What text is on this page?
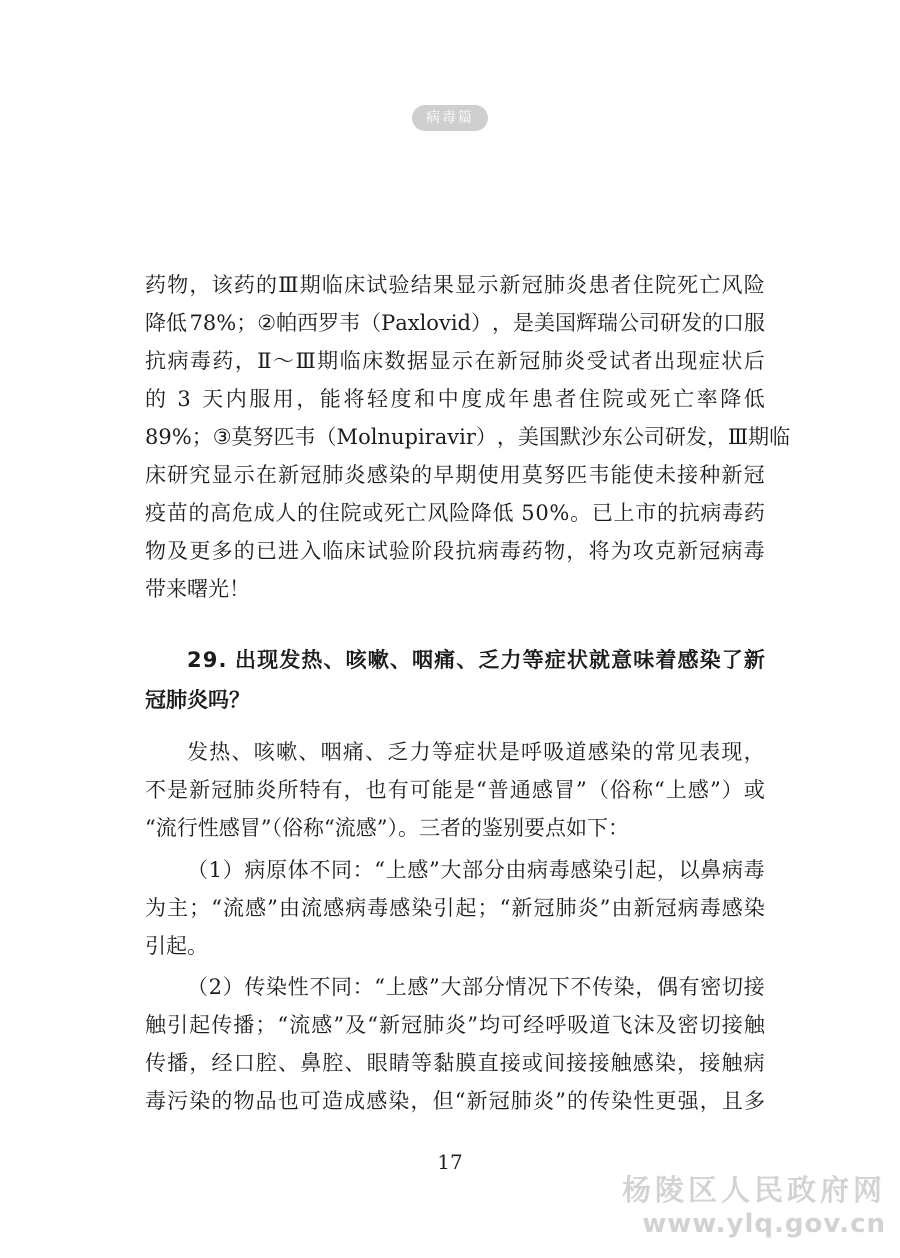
病毒篇
药 物 ， 该 药 的 Ⅲ 期 临 床 试 验 结 果 显 示 新 冠 肺 炎 患 者 住 院 死 亡 风 险
降 低 7 8 % ； ② 帕 西 罗 韦 （ P a x l o v i d ） ， 是 美 国 辉 瑞 公 司 研 发 的 口 服
抗 病 毒 药 ， Ⅱ ～ Ⅲ 期 临 床 数 据 显 示 在 新 冠 肺 炎 受 试 者 出 现 症 状 后
的 3 天 内 服 用 ， 能 将 轻 度 和 中 度 成 年 患 者 住 院 或 死 亡 率 降 低
8 9 % ； ③ 莫 努 匹 韦 （ M o l n u p i r a v i r ） ， 美 国 默 沙 东 公 司 研 发 ， Ⅲ 期 临
床 研 究 显 示 在 新 冠 肺 炎 感 染 的 早 期 使 用 莫 努 匹 韦 能 使 未 接 种 新 冠
疫 苗 的 高 危 成 人 的 住 院 或 死 亡 风 险 降 低 5 0 % 。 已 上 市 的 抗 病 毒 药
物 及 更 多 的 已 进 入 临 床 试 验 阶 段 抗 病 毒 药 物 ， 将 为 攻 克 新 冠 病 毒
带来曙光！
2 9 . 出 现 发 热 、 咳 嗽 、 咽 痛 、 乏 力 等 症 状 就 意 味 着 感 染 了 新
冠肺炎吗？
发 热 、 咳 嗽 、 咽 痛 、 乏 力 等 症 状 是 呼 吸 道 感 染 的 常 见 表 现 ，
不 是 新 冠 肺 炎 所 特 有 ， 也 有 可 能 是 “ 普 通 感 冒 ” （ 俗 称 “ 上 感 ” ） 或
“流行性感冒”（俗称“流感”）。三者的鉴别要点如下：
（ 1 ） 病 原 体 不 同 ： “ 上 感 ” 大 部 分 由 病 毒 感 染 引 起 ， 以 鼻 病 毒
为 主 ； “ 流 感 ” 由 流 感 病 毒 感 染 引 起 ； “ 新 冠 肺 炎 ” 由 新 冠 病 毒 感 染
引起。
（ 2 ） 传 染 性 不 同 ： “ 上 感 ” 大 部 分 情 况 下 不 传 染 ， 偶 有 密 切 接
触 引 起 传 播 ； “ 流 感 ” 及 “ 新 冠 肺 炎 ” 均 可 经 呼 吸 道 飞 沫 及 密 切 接 触
传 播 ， 经 口 腔 、 鼻 腔 、 眼 睛 等 黏 膜 直 接 或 间 接 接 触 感 染 ， 接 触 病
毒 污 染 的 物 品 也 可 造 成 感 染 ， 但 “ 新 冠 肺 炎 ” 的 传 染 性 更 强 ， 且 多
17
杨陵区人民政府网
www.ylq.gov.cn
